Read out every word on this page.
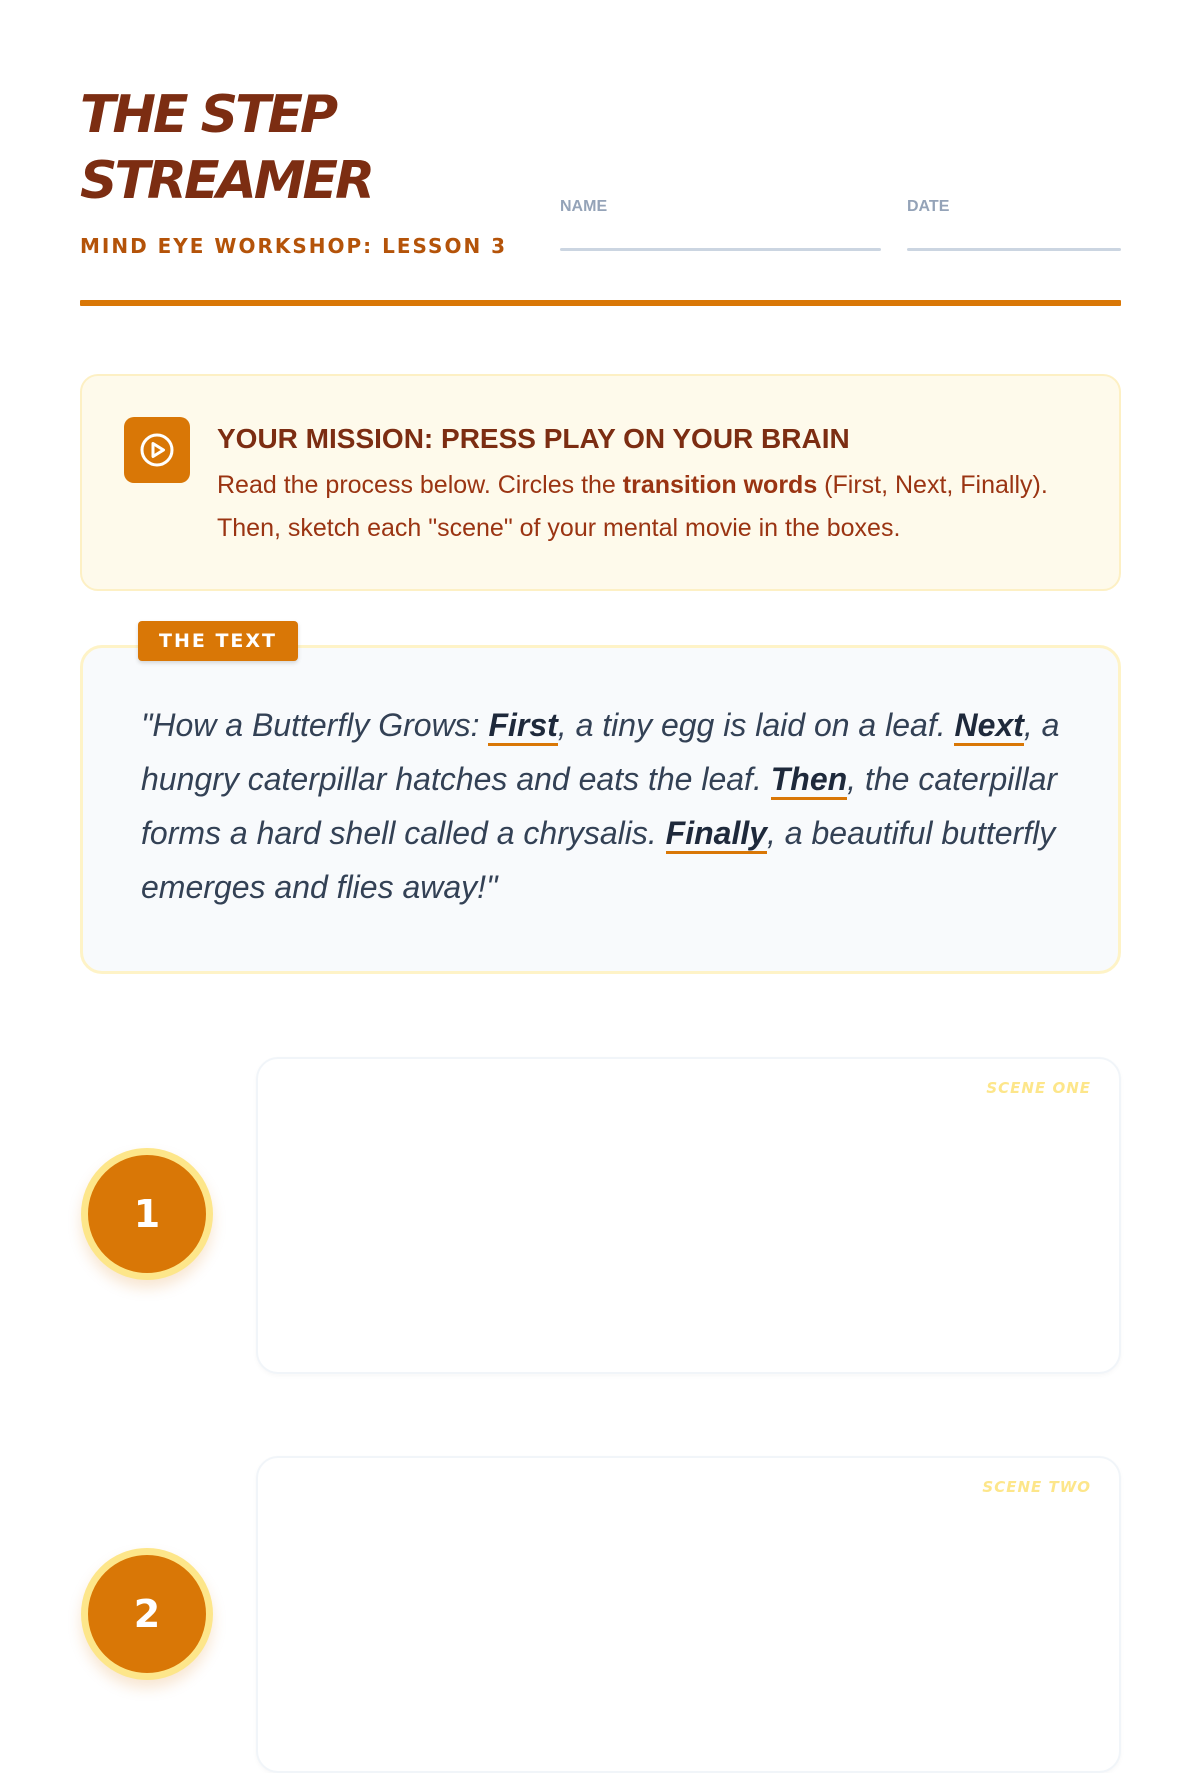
THE STEP
STREAMER
MIND EYE WORKSHOP: LESSON 3
NAME	DATE
YOUR MISSION: PRESS PLAY ON YOUR BRAIN
Read the process below. Circles the transition words (First, Next, Finally). Then, sketch each "scene" of your mental movie in the boxes.
"How a Butterfly Grows: First, a tiny egg is laid on a leaf. Next, a hungry caterpillar hatches and eats the leaf. Then, the caterpillar forms a hard shell called a chrysalis. Finally, a beautiful butterfly emerges and flies away!"
THE TEXT
SCENE ONE
1
SCENE TWO
2
